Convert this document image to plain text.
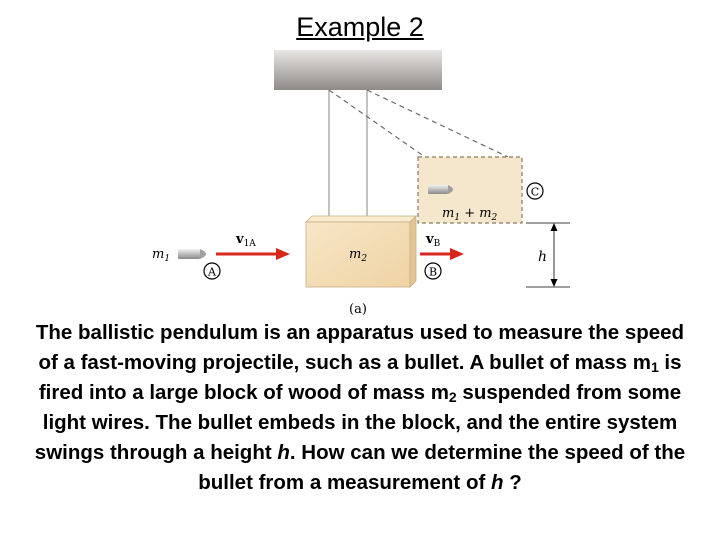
Example 2
$m_1 + m_2$
C
$m_2$
$m_1$
$v_{1A}$
A
$v_B$
B
h
(a)
The ballistic pendulum is an apparatus used to measure the speed of a fast-moving projectile, such as a bullet. A bullet of mass $m_1$ is fired into a large block of wood of mass $m_2$ suspended from some light wires. The bullet embeds in the block, and the entire system swings through a height h. How can we determine the speed of the bullet from a measurement of h ?
